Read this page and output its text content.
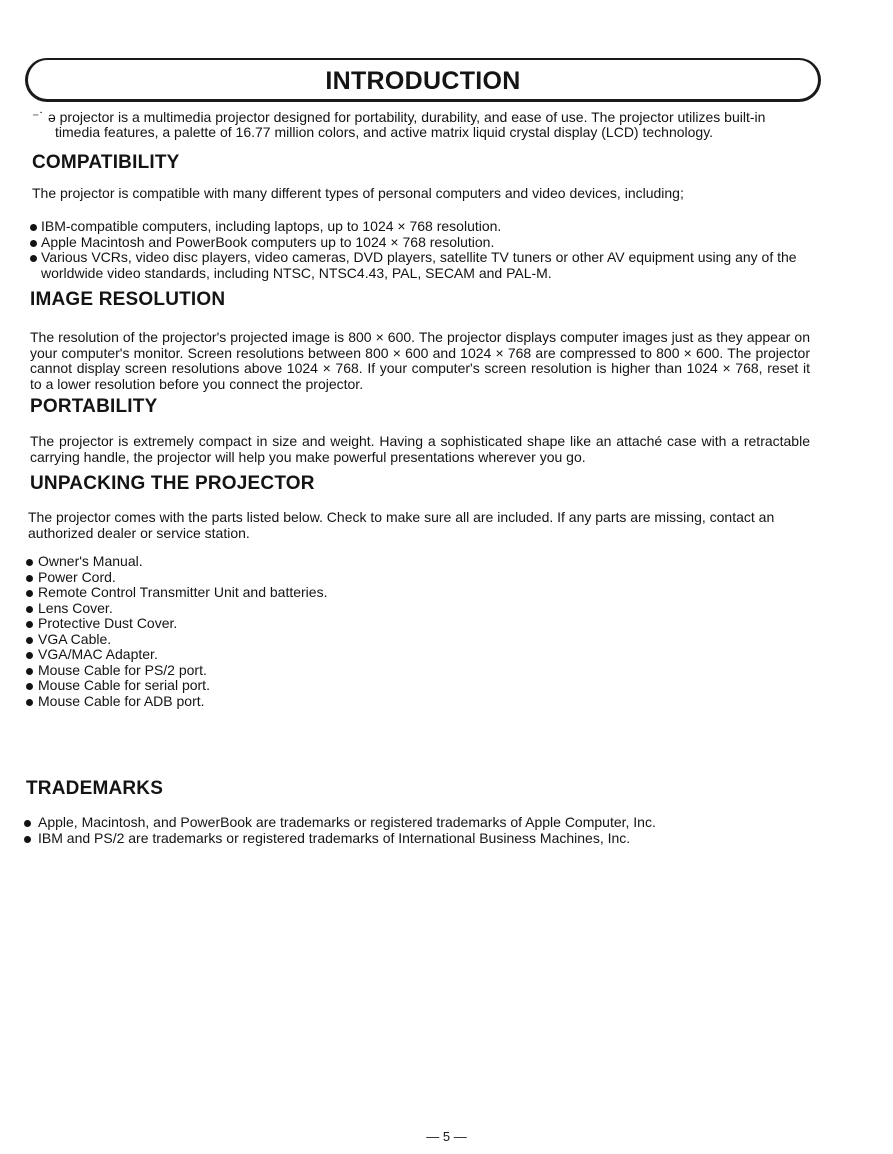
INTRODUCTION
⁻˙ ə projector is a multimedia projector designed for portability, durability, and ease of use. The projector utilizes built-in
timedia features, a palette of 16.77 million colors, and active matrix liquid crystal display (LCD) technology.
COMPATIBILITY
The projector is compatible with many different types of personal computers and video devices, including;
IBM-compatible computers, including laptops, up to 1024 × 768 resolution.
Apple Macintosh and PowerBook computers up to 1024 × 768 resolution.
Various VCRs, video disc players, video cameras, DVD players, satellite TV tuners or other AV equipment using any of the worldwide video standards, including NTSC, NTSC4.43, PAL, SECAM and PAL-M.
IMAGE RESOLUTION
The resolution of the projector's projected image is 800 × 600. The projector displays computer images just as they appear on your computer's monitor. Screen resolutions between 800 × 600 and 1024 × 768 are compressed to 800 × 600. The projector cannot display screen resolutions above 1024 × 768. If your computer's screen resolution is higher than 1024 × 768, reset it to a lower resolution before you connect the projector.
PORTABILITY
The projector is extremely compact in size and weight. Having a sophisticated shape like an attaché case with a retractable carrying handle, the projector will help you make powerful presentations wherever you go.
UNPACKING THE PROJECTOR
The projector comes with the parts listed below. Check to make sure all are included. If any parts are missing, contact an authorized dealer or service station.
Owner's Manual.
Power Cord.
Remote Control Transmitter Unit and batteries.
Lens Cover.
Protective Dust Cover.
VGA Cable.
VGA/MAC Adapter.
Mouse Cable for PS/2 port.
Mouse Cable for serial port.
Mouse Cable for ADB port.
TRADEMARKS
Apple, Macintosh, and PowerBook are trademarks or registered trademarks of Apple Computer, Inc.
IBM and PS/2 are trademarks or registered trademarks of International Business Machines, Inc.
— 5 —
